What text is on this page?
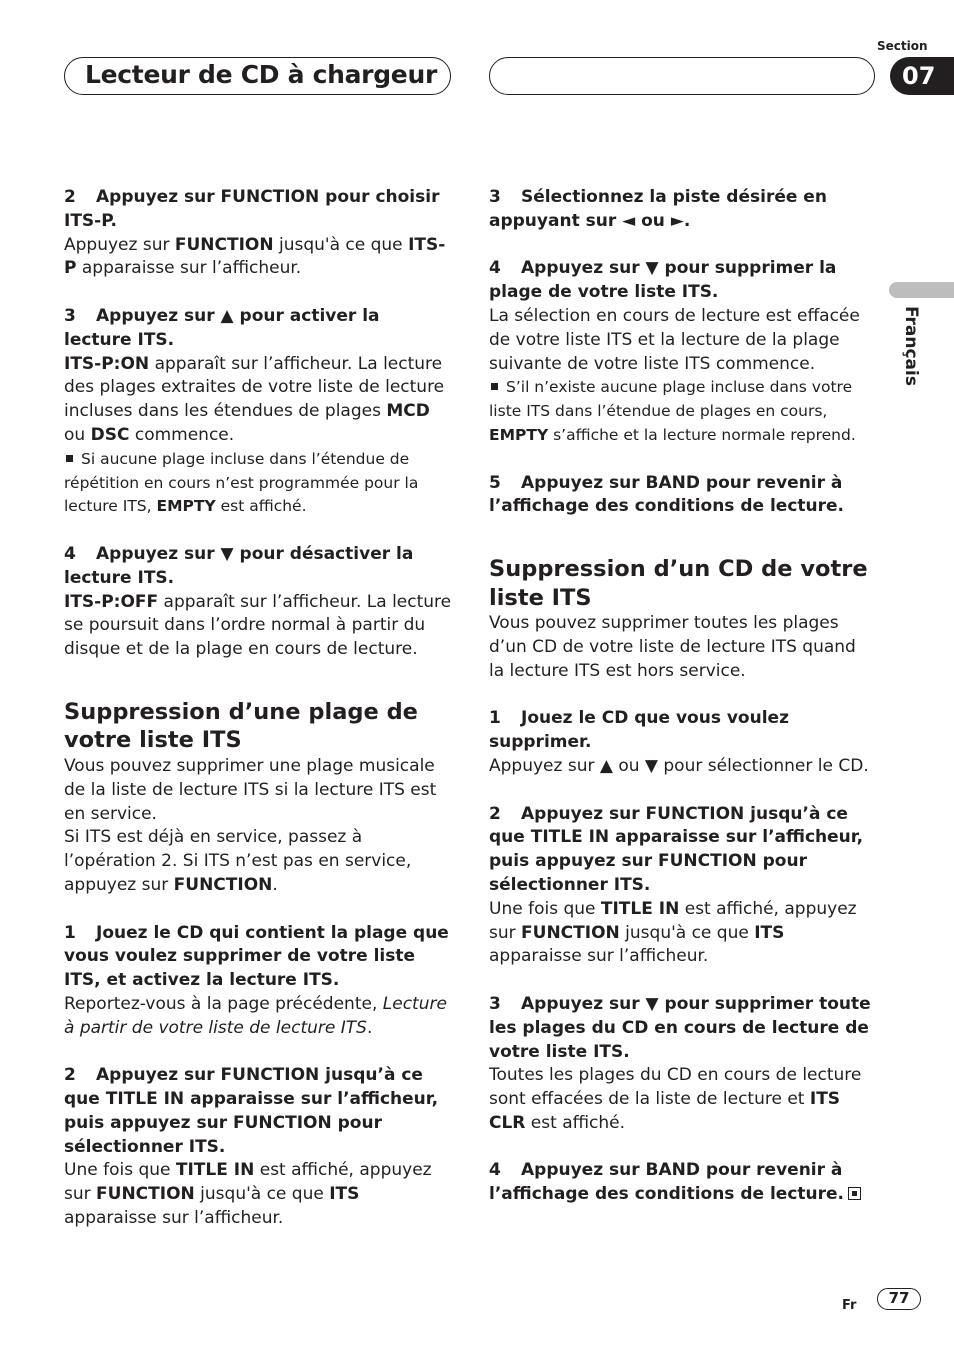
Lecteur de CD à chargeur
Section
07
Français

2 Appuyez sur FUNCTION pour choisir ITS-P.

Appuyez sur FUNCTION jusqu'à ce que ITS-P apparaisse sur l’afficheur.

3 Appuyez sur ▲ pour activer la lecture ITS.

ITS-P:ON apparaît sur l’afficheur. La lecture des plages extraites de votre liste de lecture incluses dans les étendues de plages MCD ou DSC commence.

Si aucune plage incluse dans l’étendue de répétition en cours n’est programmée pour la lecture ITS, EMPTY est affiché.

4 Appuyez sur ▼ pour désactiver la lecture ITS.

ITS-P:OFF apparaît sur l’afficheur. La lecture se poursuit dans l’ordre normal à partir du disque et de la plage en cours de lecture.

Suppression d’une plage de votre liste ITS

Vous pouvez supprimer une plage musicale de la liste de lecture ITS si la lecture ITS est en service.

Si ITS est déjà en service, passez à l’opération 2. Si ITS n’est pas en service, appuyez sur FUNCTION.

1 Jouez le CD qui contient la plage que vous voulez supprimer de votre liste ITS, et activez la lecture ITS.

Reportez-vous à la page précédente, Lecture à partir de votre liste de lecture ITS.

2 Appuyez sur FUNCTION jusqu’à ce que TITLE IN apparaisse sur l’afficheur, puis appuyez sur FUNCTION pour sélectionner ITS.

Une fois que TITLE IN est affiché, appuyez sur FUNCTION jusqu'à ce que ITS apparaisse sur l’afficheur.

3 Sélectionnez la piste désirée en appuyant sur ◄ ou ►.

4 Appuyez sur ▼ pour supprimer la plage de votre liste ITS.

La sélection en cours de lecture est effacée de votre liste ITS et la lecture de la plage suivante de votre liste ITS commence.

S’il n’existe aucune plage incluse dans votre liste ITS dans l’étendue de plages en cours, EMPTY s’affiche et la lecture normale reprend.

5 Appuyez sur BAND pour revenir à l’affichage des conditions de lecture.

Suppression d’un CD de votre liste ITS

Vous pouvez supprimer toutes les plages d’un CD de votre liste de lecture ITS quand la lecture ITS est hors service.

1 Jouez le CD que vous voulez supprimer.

Appuyez sur ▲ ou ▼ pour sélectionner le CD.

2 Appuyez sur FUNCTION jusqu’à ce que TITLE IN apparaisse sur l’afficheur, puis appuyez sur FUNCTION pour sélectionner ITS.

Une fois que TITLE IN est affiché, appuyez sur FUNCTION jusqu'à ce que ITS apparaisse sur l’afficheur.

3 Appuyez sur ▼ pour supprimer toute les plages du CD en cours de lecture de votre liste ITS.

Toutes les plages du CD en cours de lecture sont effacées de la liste de lecture et ITS CLR est affiché.

4 Appuyez sur BAND pour revenir à l’affichage des conditions de lecture.

Fr	77
